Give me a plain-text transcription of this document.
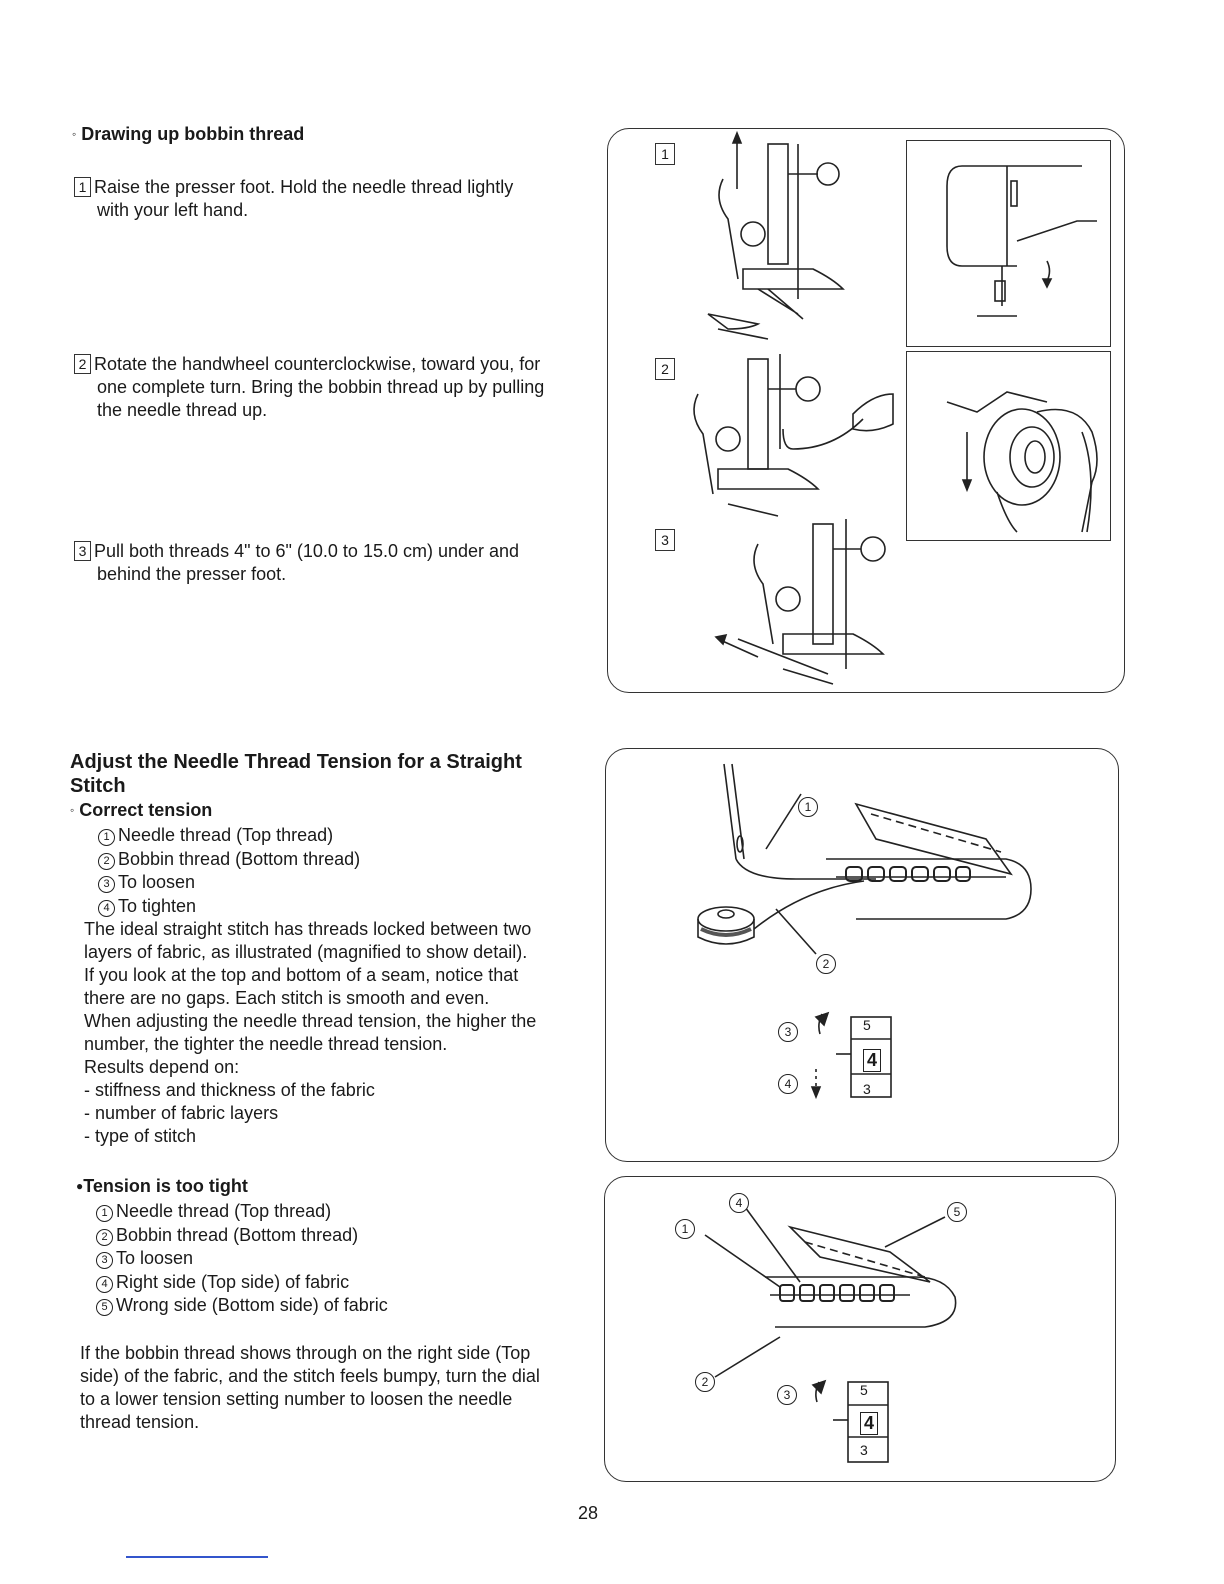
◦ Drawing up bobbin thread
1 Raise the presser foot. Hold the needle thread lightly
with your left hand.
2 Rotate the handwheel counterclockwise, toward you, for
one complete turn. Bring the bobbin thread up by pulling
the needle thread up.
3 Pull both threads 4" to 6" (10.0 to 15.0 cm) under and
behind the presser foot.
1
2
3
Adjust the Needle Thread Tension for a Straight Stitch
◦ Correct tension
1 Needle thread (Top thread)
2 Bobbin thread (Bottom thread)
3 To loosen
4 To tighten
The ideal straight stitch has threads locked between two
layers of fabric, as illustrated (magnified to show detail).
If you look at the top and bottom of a seam, notice that
there are no gaps. Each stitch is smooth and even.
When adjusting the needle thread tension, the higher the
number, the tighter the needle thread tension.
Results depend on:
- stiffness and thickness of the fabric
- number of fabric layers
- type of stitch
●Tension is too tight
1 Needle thread (Top thread)
2 Bobbin thread (Bottom thread)
3 To loosen
4 Right side (Top side) of fabric
5 Wrong side (Bottom side) of fabric
If the bobbin thread shows through on the right side (Top
side) of the fabric, and the stitch feels bumpy, turn the dial
to a lower tension setting number to loosen the needle
thread tension.
1
2
3
4
5
4
3
1
4
5
2
3	5
4
3
28
